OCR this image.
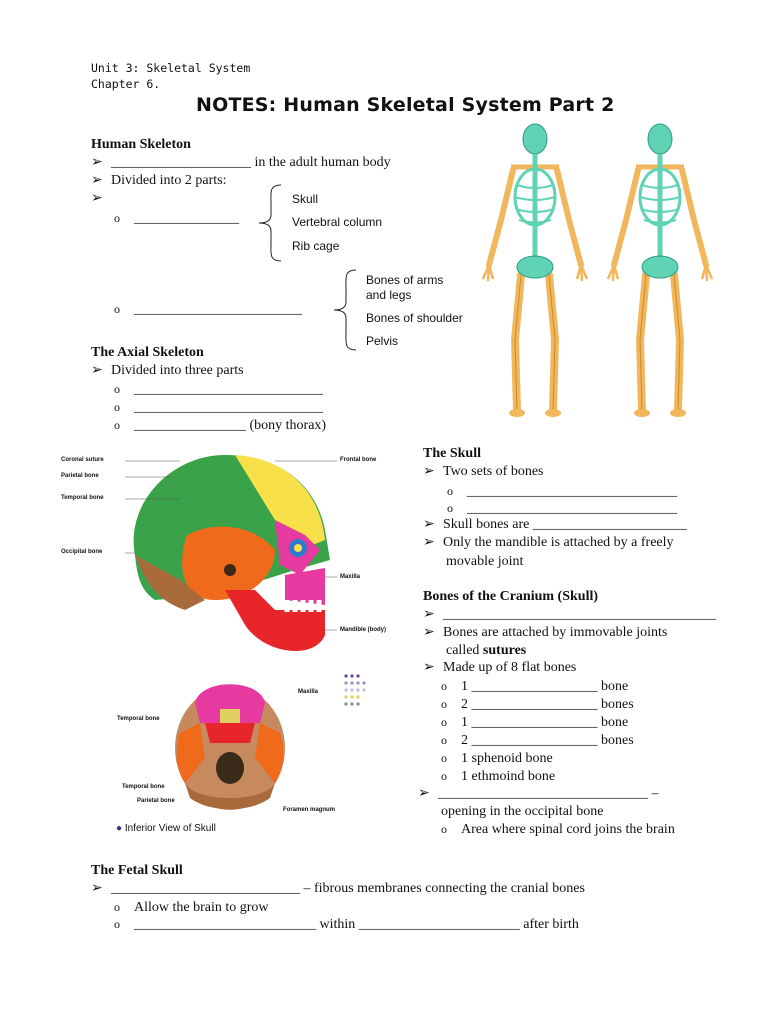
Unit 3: Skeletal System
Chapter 6.
NOTES: Human Skeletal System Part 2
Human Skeleton
➢ ____________________ in the adult human body
➢ Divided into 2 parts:
➢
o _______________
o ________________________
Skull
Vertebral column
Rib cage
Bones of arms
and legs
Bones of shoulder
Pelvis
The Axial Skeleton
➢ Divided into three parts
o ___________________________
o ___________________________
o ________________ (bony thorax)
Coronal suture
Parietal bone
Temporal bone
Occipital bone
Frontal bone
Maxilla
Mandible (body)
Maxilla
Temporal bone
Temporal bone
Parietal bone
Foramen magnum
● Inferior View of Skull
The Skull
➢ Two sets of bones
o ______________________________
o ______________________________
➢ Skull bones are ______________________
➢ Only the mandible is attached by a freely
movable joint
Bones of the Cranium (Skull)
➢ _______________________________________
➢ Bones are attached by immovable joints
called sutures
➢ Made up of 8 flat bones
o 1 __________________ bone
o 2 __________________ bones
o 1 __________________ bone
o 2 __________________ bones
o 1 sphenoid bone
o 1 ethmoind bone
➢ ______________________________ –
opening in the occipital bone
o Area where spinal cord joins the brain
The Fetal Skull
➢ ___________________________ – fibrous membranes connecting the cranial bones
o Allow the brain to grow
o __________________________ within _______________________ after birth
